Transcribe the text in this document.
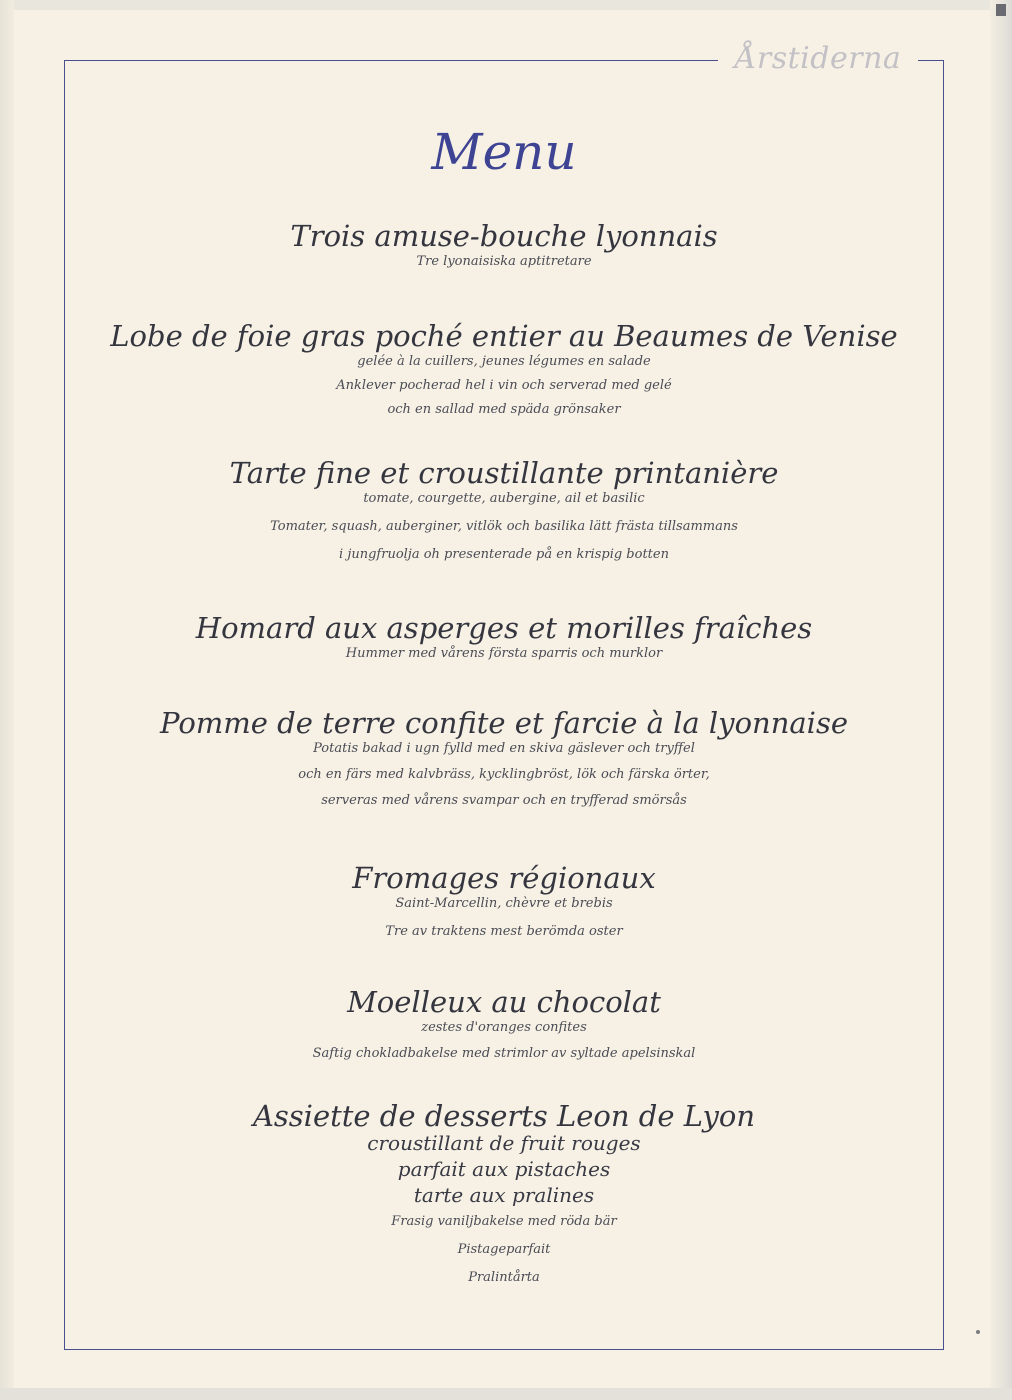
Årstiderna
Menu
Trois amuse-bouche lyonnais
Tre lyonaisiska aptitretare
Lobe de foie gras poché entier au Beaumes de Venise
gelée à la cuillers, jeunes légumes en salade
Anklever pocherad hel i vin och serverad med gelé
och en sallad med späda grönsaker
Tarte fine et croustillante printanière
tomate, courgette, aubergine, ail et basilic
Tomater, squash, auberginer, vitlök och basilika lätt frästa tillsammans
i jungfruolja oh presenterade på en krispig botten
Homard aux asperges et morilles fraîches
Hummer med vårens första sparris och murklor
Pomme de terre confite et farcie à la lyonnaise
Potatis bakad i ugn fylld med en skiva gäslever och tryffel
och en färs med kalvbräss, kycklingbröst, lök och färska örter,
serveras med vårens svampar och en tryfferad smörsås
Fromages régionaux
Saint-Marcellin, chèvre et brebis
Tre av traktens mest berömda oster
Moelleux au chocolat
zestes d'oranges confites
Saftig chokladbakelse med strimlor av syltade apelsinskal
Assiette de desserts Leon de Lyon
croustillant de fruit rouges
parfait aux pistaches
tarte aux pralines
Frasig vaniljbakelse med röda bär
Pistageparfait
Pralintårta
